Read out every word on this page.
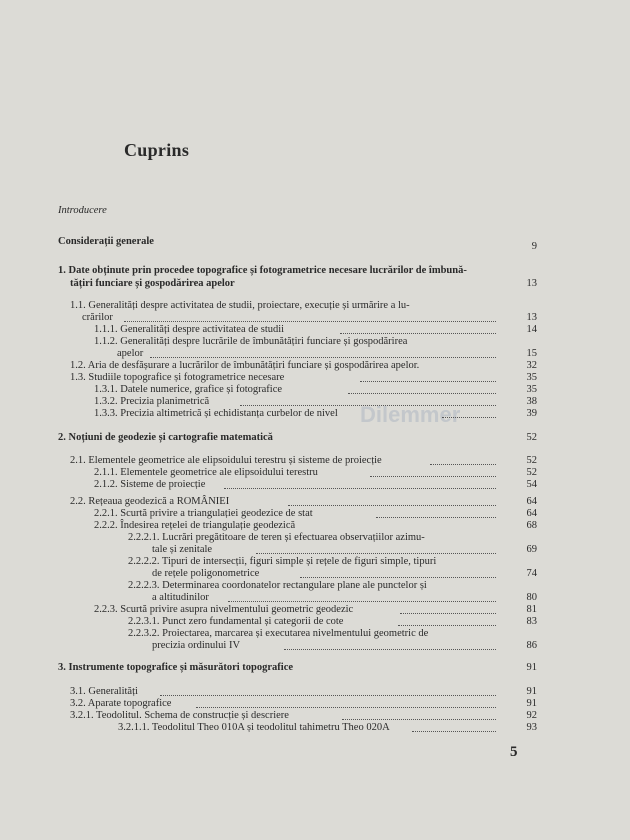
Cuprins
Dilemmer
Introducere
Considerații generale	9
1. Date obținute prin procedee topografice și fotogrametrice necesare lucrărilor de îmbună-
tățiri funciare și gospodărirea apelor	13
1.1. Generalități despre activitatea de studii, proiectare, execuție și urmărire a lu-
crărilor	13
1.1.1. Generalități despre activitatea de studii	14
1.1.2. Generalități despre lucrările de îmbunătățiri funciare și gospodărirea
apelor	15
1.2. Aria de desfășurare a lucrărilor de îmbunătățiri funciare și gospodărirea apelor.	32
1.3. Studiile topografice și fotogrametrice necesare	35
1.3.1. Datele numerice, grafice și fotografice	35
1.3.2. Precizia planimetrică	38
1.3.3. Precizia altimetrică și echidistanța curbelor de nivel	39
2. Noțiuni de geodezie și cartografie matematică	52
2.1. Elementele geometrice ale elipsoidului terestru și sisteme de proiecție	52
2.1.1. Elementele geometrice ale elipsoidului terestru	52
2.1.2. Sisteme de proiecție	54
2.2. Rețeaua geodezică a ROMÂNIEI	64
2.2.1. Scurtă privire a triangulației geodezice de stat	64
2.2.2. Îndesirea rețelei de triangulație geodezică	68
2.2.2.1. Lucrări pregătitoare de teren și efectuarea observațiilor azimu-
tale și zenitale	69
2.2.2.2. Tipuri de intersecții, figuri simple și rețele de figuri simple, tipuri
de rețele poligonometrice	74
2.2.2.3. Determinarea coordonatelor rectangulare plane ale punctelor și
a altitudinilor	80
2.2.3. Scurtă privire asupra nivelmentului geometric geodezic	81
2.2.3.1. Punct zero fundamental și categorii de cote	83
2.2.3.2. Proiectarea, marcarea și executarea nivelmentului geometric de
precizia ordinului IV	86
3. Instrumente topografice și măsurători topografice	91
3.1. Generalități	91
3.2. Aparate topografice	91
3.2.1. Teodolitul. Schema de construcție și descriere	92
3.2.1.1. Teodolitul Theo 010A și teodolitul tahimetru Theo 020A	93
5
